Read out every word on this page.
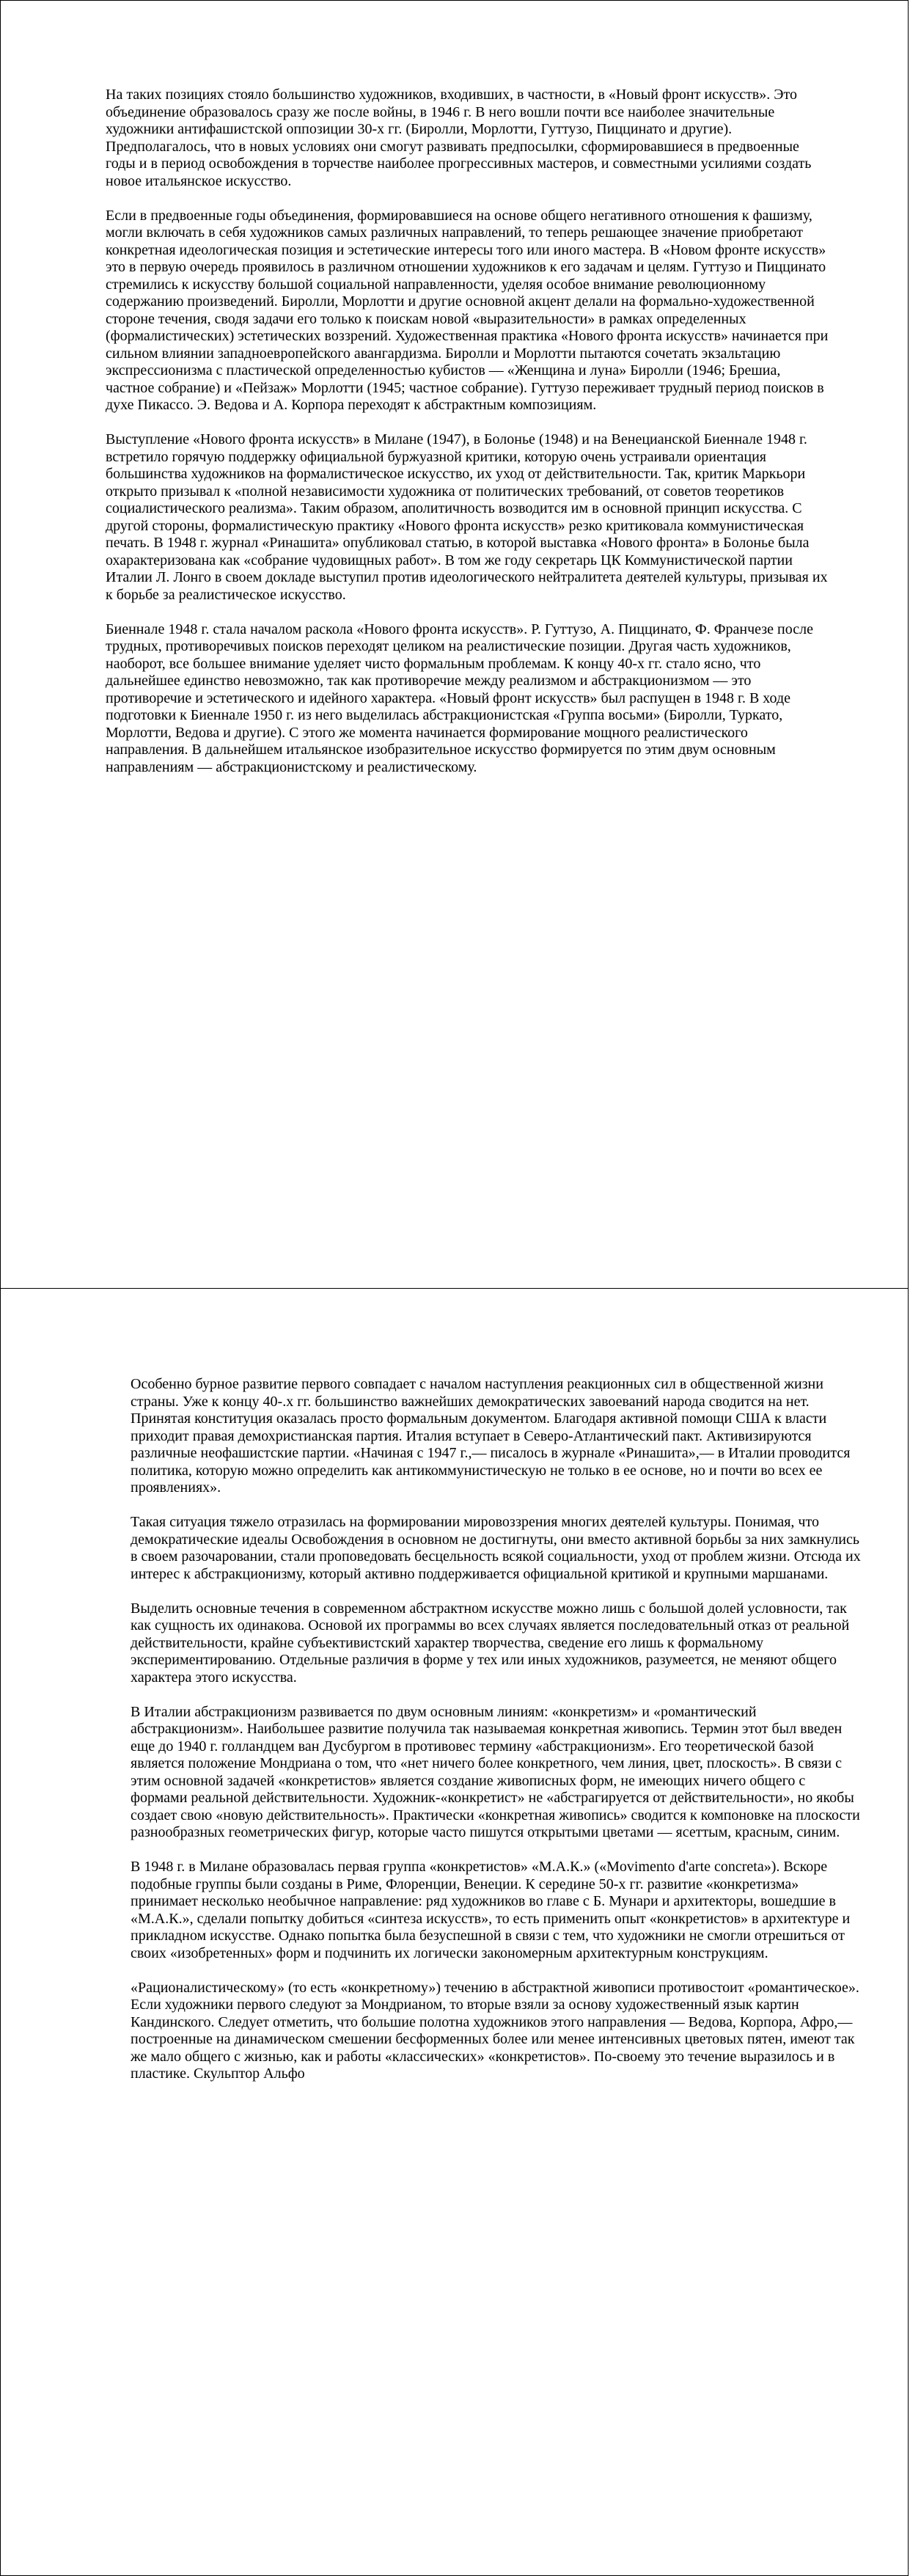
На таких позициях стояло большинство художников, входивших, в частности, в «Новый фронт искусств». Это объединение образовалось сразу же после войны, в 1946 г. В него вошли почти все наиболее значительные художники антифашистской оппозиции 30-х гг. (Биролли, Морлотти, Гуттузо, Пиццинато и другие). Предполагалось, что в новых условиях они смогут развивать предпосылки, сформировавшиеся в предвоенные годы и в период освобождения в торчестве наиболее прогрессивных мастеров, и совместными усилиями создать новое итальянское искусство.

Если в предвоенные годы объединения, формировавшиеся на основе общего негативного отношения к фашизму, могли включать в себя художников самых различных направлений, то теперь решающее значение приобретают конкретная идеологическая позиция и эстетические интересы того или иного мастера. В «Новом фронте искусств» это в первую очередь проявилось в различном отношении художников к его задачам и целям. Гуттузо и Пиццинато стремились к искусству большой социальной направленности, уделяя особое внимание революционному содержанию произведений. Биролли, Морлотти и другие основной акцент делали на формально-художественной стороне течения, сводя задачи его только к поискам новой «выразительности» в рамках определенных (формалистических) эстетических воззрений. Художественная практика «Нового фронта искусств» начинается при сильном влиянии западноевропейского авангардизма. Биролли и Морлотти пытаются сочетать экзальтацию экспрессионизма с пластической определенностью кубистов — «Женщина и луна» Биролли (1946; Брешиа, частное собрание) и «Пейзаж» Морлотти (1945; частное собрание). Гуттузо переживает трудный период поисков в духе Пикассо. Э. Ведова и А. Корпора переходят к абстрактным композициям.

Выступление «Нового фронта искусств» в Милане (1947), в Болонье (1948) и на Венецианской Биеннале 1948 г. встретило горячую поддержку официальной буржуазной критики, которую очень устраивали ориентация большинства художников на формалистическое искусство, их уход от действительности. Так, критик Маркьори открыто призывал к «полной независимости художника от политических требований, от советов теоретиков социалистического реализма». Таким образом, аполитичность возводится им в основной принцип искусства. С другой стороны, формалистическую практику «Нового фронта искусств» резко критиковала коммунистическая печать. В 1948 г. журнал «Ринашита» опубликовал статью, в которой выставка «Нового фронта» в Болонье была охарактеризована как «собрание чудовищных работ». В том же году секретарь ЦК Коммунистической партии Италии Л. Лонго в своем докладе выступил против идеологического нейтралитета деятелей культуры, призывая их к борьбе за реалистическое искусство.

Биеннале 1948 г. стала началом раскола «Нового фронта искусств». Р. Гуттузо, А. Пиццинато, Ф. Франчезе после трудных, противоречивых поисков переходят целиком на реалистические позиции. Другая часть художников, наоборот, все большее внимание уделяет чисто формальным проблемам. К концу 40-х гг. стало ясно, что дальнейшее единство невозможно, так как противоречие между реализмом и абстракционизмом — это противоречие и эстетического и идейного характера. «Новый фронт искусств» был распущен в 1948 г. В ходе подготовки к Биеннале 1950 г. из него выделилась абстракционистская «Группа восьми» (Биролли, Туркато, Морлотти, Ведова и другие). С этого же момента начинается формирование мощного реалистического направления. В дальнейшем итальянское изобразительное искусство формируется по этим двум основным направлениям — абстракционистскому и реалистическому.

Особенно бурное развитие первого совпадает с началом наступления реакционных сил в общественной жизни страны. Уже к концу 40-.х гг. большинство важнейших демократических завоеваний народа сводится на нет. Принятая конституция оказалась просто формальным документом. Благодаря активной помощи США к власти приходит правая демохристианская партия. Италия вступает в Северо-Атлантический пакт. Активизируются различные неофашистские партии. «Начиная с 1947 г.,— писалось в журнале «Ринашита»,— в Италии проводится политика, которую можно определить как антикоммунистическую не только в ее основе, но и почти во всех ее проявлениях».

Такая ситуация тяжело отразилась на формировании мировоззрения многих деятелей культуры. Понимая, что демократические идеалы Освобождения в основном не достигнуты, они вместо активной борьбы за них замкнулись в своем разочаровании, стали проповедовать бесцельность всякой социальности, уход от проблем жизни. Отсюда их интерес к абстракционизму, который активно поддерживается официальной критикой и крупными маршанами.

Выделить основные течения в современном абстрактном искусстве можно лишь с большой долей условности, так как сущность их одинакова. Основой их программы во всех случаях является последовательный отказ от реальной действительности, крайне субъективистский характер творчества, сведение его лишь к формальному экспериментированию. Отдельные различия в форме у тех или иных художников, разумеется, не меняют общего характера этого искусства.

В Италии абстракционизм развивается по двум основным линиям: «конкретизм» и «романтический абстракционизм». Наибольшее развитие получила так называемая конкретная живопись. Термин этот был введен еще до 1940 г. голландцем ван Дусбургом в противовес термину «абстракционизм». Его теоретической базой является положение Мондриана о том, что «нет ничего более конкретного, чем линия, цвет, плоскость». В связи с этим основной задачей «конкретистов» является создание живописных форм, не имеющих ничего общего с формами реальной действительности. Художник-«конкретист» не «абстрагируется от действительности», но якобы создает свою «новую действительность». Практически «конкретная живопись» сводится к компоновке на плоскости разнообразных геометрических фигур, которые часто пишутся открытыми цветами — ясеттым, красным, синим.

В 1948 г. в Милане образовалась первая группа «конкретистов» «М.А.К.» («Movimento d'arte concreta»). Вскоре подобные группы были созданы в Риме, Флоренции, Венеции. К середине 50-х гг. развитие «конкретизма» принимает несколько необычное направление: ряд художников во главе с Б. Мунари и архитекторы, вошедшие в «М.А.К.», сделали попытку добиться «синтеза искусств», то есть применить опыт «конкретистов» в архитектуре и прикладном искусстве. Однако попытка была безуспешной в связи с тем, что художники не смогли отрешиться от своих «изобретенных» форм и подчинить их логически закономерным архитектурным конструкциям.

«Рационалистическому» (то есть «конкретному») течению в абстрактной живописи противостоит «романтическое». Если художники первого следуют за Мондрианом, то вторые взяли за основу художественный язык картин Кандинского. Следует отметить, что большие полотна художников этого направления — Ведова, Корпора, Афро,— построенные на динамическом смешении бесформенных более или менее интенсивных цветовых пятен, имеют так же мало общего с жизнью, как и работы «классических» «конкретистов». По-своему это течение выразилось и в пластике. Скульптор Альфо
